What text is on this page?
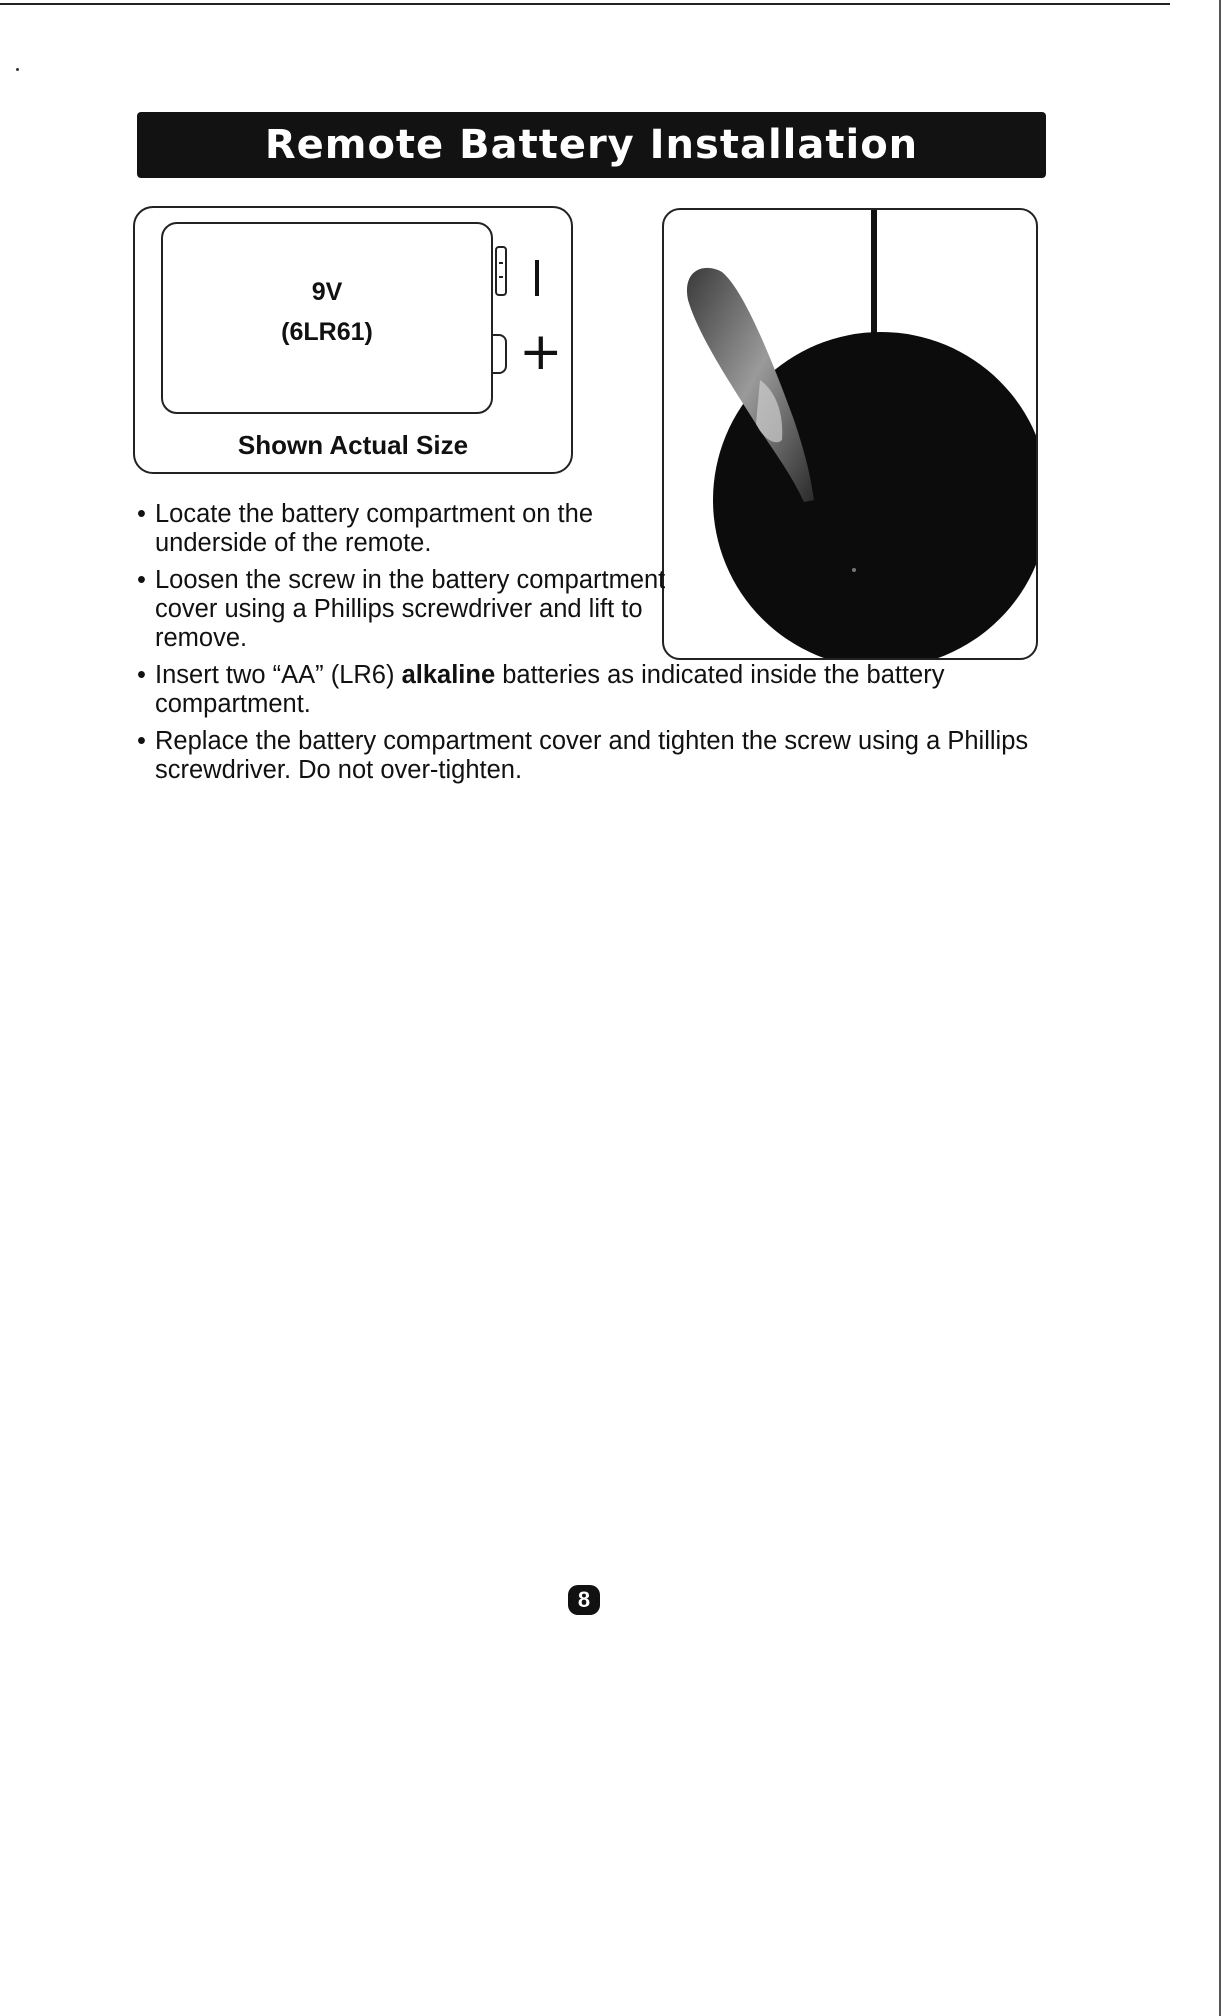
Remote Battery Installation
9V
(6LR61)	+
Shown Actual Size
• Locate the battery compartment on the underside of the remote.
• Loosen the screw in the battery compartment cover using a Phillips screwdriver and lift to remove.
• Insert two “AA” (LR6) alkaline batteries as indicated inside the battery compartment.
• Replace the battery compartment cover and tighten the screw using a Phillips screwdriver. Do not over-tighten.
8
